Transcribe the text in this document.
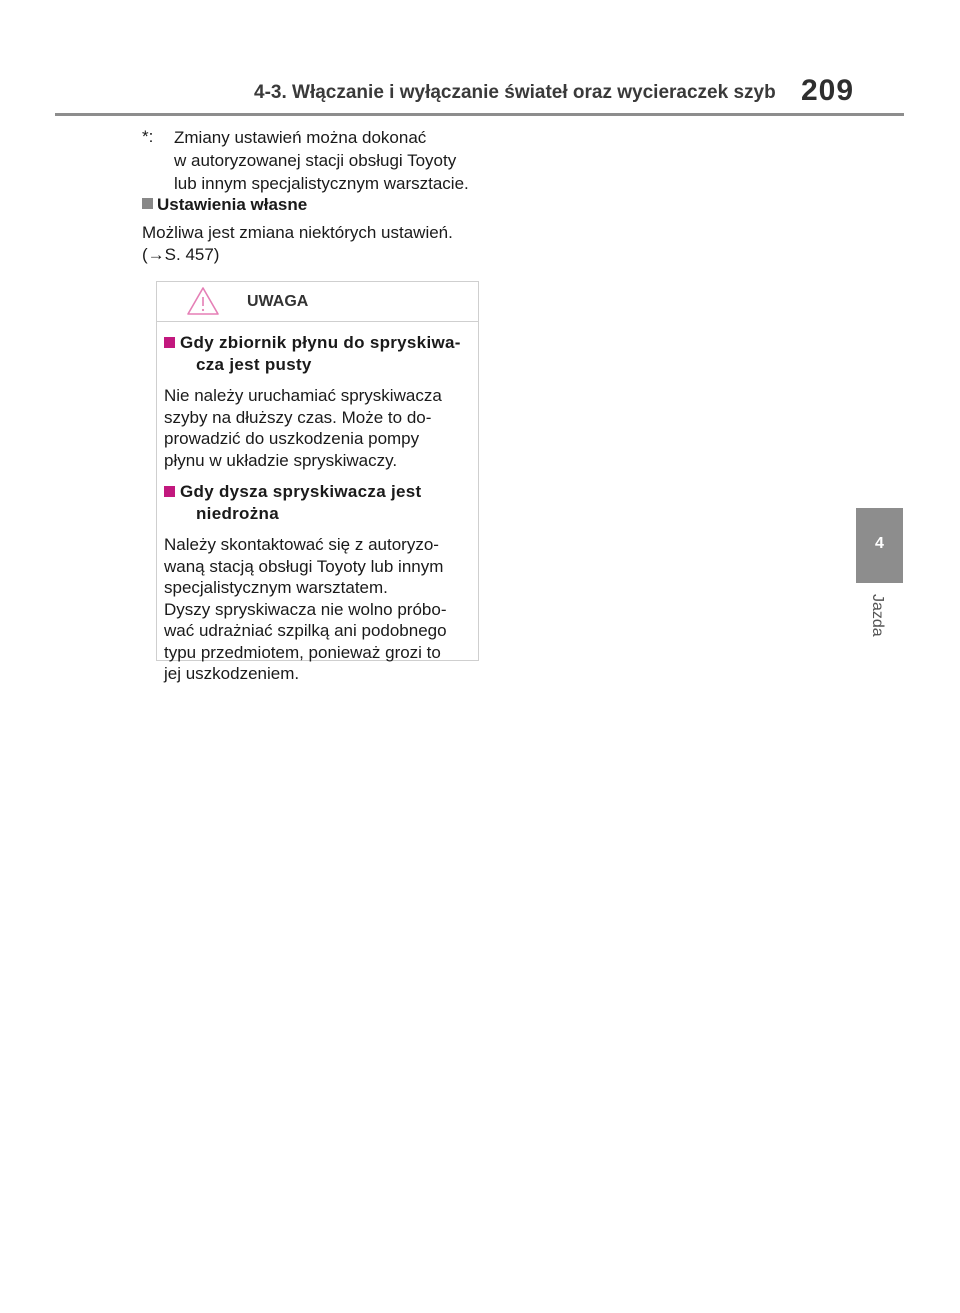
4-3. Włączanie i wyłączanie świateł oraz wycieraczek szyb 209
*:	Zmiany ustawień można dokonać
w autoryzowanej stacji obsługi Toyoty
lub innym specjalistycznym warsztacie.
Ustawienia własne
Możliwa jest zmiana niektórych ustawień.
(→S. 457)
UWAGA
Gdy zbiornik płynu do spryskiwa-
cza jest pusty
Nie należy uruchamiać spryskiwacza
szyby na dłuższy czas. Może to do-
prowadzić do uszkodzenia pompy
płynu w układzie spryskiwaczy.
Gdy dysza spryskiwacza jest
niedrożna
Należy skontaktować się z autoryzo-
waną stacją obsługi Toyoty lub innym
specjalistycznym warsztatem.
Dyszy spryskiwacza nie wolno próbo-
wać udrażniać szpilką ani podobnego
typu przedmiotem, ponieważ grozi to
jej uszkodzeniem.
4
Jazda
